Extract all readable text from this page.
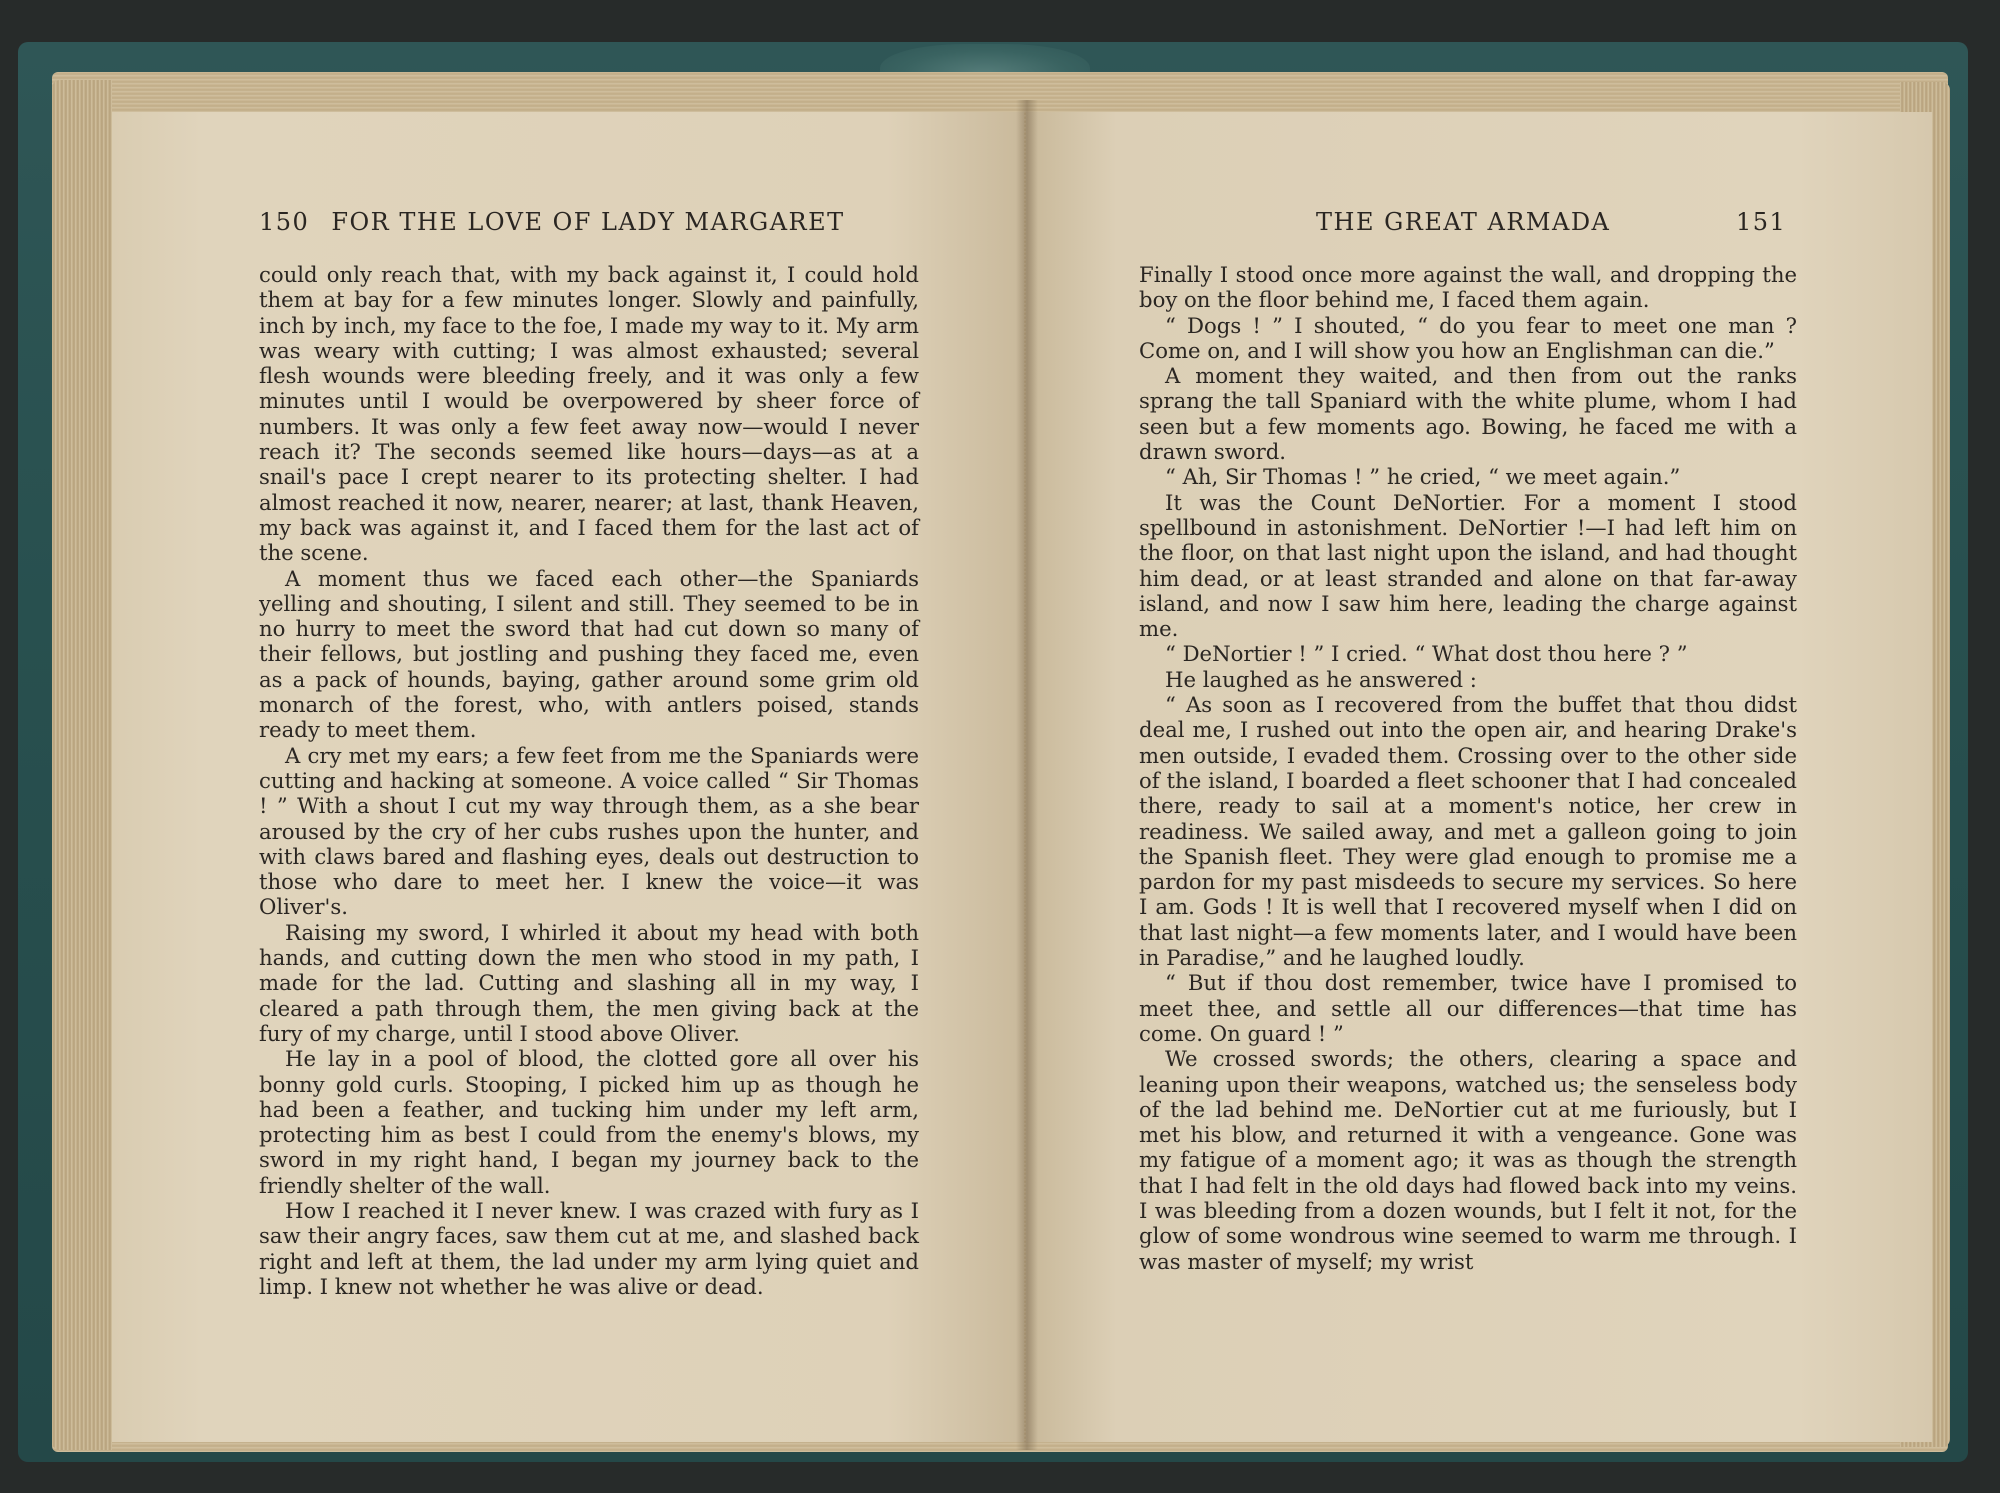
150 FOR THE LOVE OF LADY MARGARET

could only reach that, with my back against it, I could hold them at bay for a few minutes longer. Slowly and painfully, inch by inch, my face to the foe, I made my way to it. My arm was weary with cutting; I was almost exhausted; several flesh wounds were bleeding freely, and it was only a few minutes until I would be overpowered by sheer force of numbers. It was only a few feet away now—would I never reach it? The seconds seemed like hours—days—as at a snail's pace I crept nearer to its protecting shelter. I had almost reached it now, nearer, nearer; at last, thank Heaven, my back was against it, and I faced them for the last act of the scene.

A moment thus we faced each other—the Spaniards yelling and shouting, I silent and still. They seemed to be in no hurry to meet the sword that had cut down so many of their fellows, but jostling and pushing they faced me, even as a pack of hounds, baying, gather around some grim old monarch of the forest, who, with antlers poised, stands ready to meet them.

A cry met my ears; a few feet from me the Spaniards were cutting and hacking at someone. A voice called “ Sir Thomas ! ” With a shout I cut my way through them, as a she bear aroused by the cry of her cubs rushes upon the hunter, and with claws bared and flashing eyes, deals out destruction to those who dare to meet her. I knew the voice—it was Oliver's.

Raising my sword, I whirled it about my head with both hands, and cutting down the men who stood in my path, I made for the lad. Cutting and slashing all in my way, I cleared a path through them, the men giving back at the fury of my charge, until I stood above Oliver.

He lay in a pool of blood, the clotted gore all over his bonny gold curls. Stooping, I picked him up as though he had been a feather, and tucking him under my left arm, protecting him as best I could from the enemy's blows, my sword in my right hand, I began my journey back to the friendly shelter of the wall.

How I reached it I never knew. I was crazed with fury as I saw their angry faces, saw them cut at me, and slashed back right and left at them, the lad under my arm lying quiet and limp. I knew not whether he was alive or dead.

THE GREAT ARMADA	151

Finally I stood once more against the wall, and dropping the boy on the floor behind me, I faced them again.

“ Dogs ! ” I shouted, “ do you fear to meet one man ? Come on, and I will show you how an Englishman can die.”

A moment they waited, and then from out the ranks sprang the tall Spaniard with the white plume, whom I had seen but a few moments ago. Bowing, he faced me with a drawn sword.

“ Ah, Sir Thomas ! ” he cried, “ we meet again.”

It was the Count DeNortier. For a moment I stood spellbound in astonishment. DeNortier !—I had left him on the floor, on that last night upon the island, and had thought him dead, or at least stranded and alone on that far-away island, and now I saw him here, leading the charge against me.

“ DeNortier ! ” I cried. “ What dost thou here ? ”

He laughed as he answered :

“ As soon as I recovered from the buffet that thou didst deal me, I rushed out into the open air, and hearing Drake's men outside, I evaded them. Crossing over to the other side of the island, I boarded a fleet schooner that I had concealed there, ready to sail at a moment's notice, her crew in readiness. We sailed away, and met a galleon going to join the Spanish fleet. They were glad enough to promise me a pardon for my past misdeeds to secure my services. So here I am. Gods ! It is well that I recovered myself when I did on that last night—a few moments later, and I would have been in Paradise,” and he laughed loudly.

“ But if thou dost remember, twice have I promised to meet thee, and settle all our differences—that time has come. On guard ! ”

We crossed swords; the others, clearing a space and leaning upon their weapons, watched us; the senseless body of the lad behind me. DeNortier cut at me furiously, but I met his blow, and returned it with a vengeance. Gone was my fatigue of a moment ago; it was as though the strength that I had felt in the old days had flowed back into my veins. I was bleeding from a dozen wounds, but I felt it not, for the glow of some wondrous wine seemed to warm me through. I was master of myself; my wrist
